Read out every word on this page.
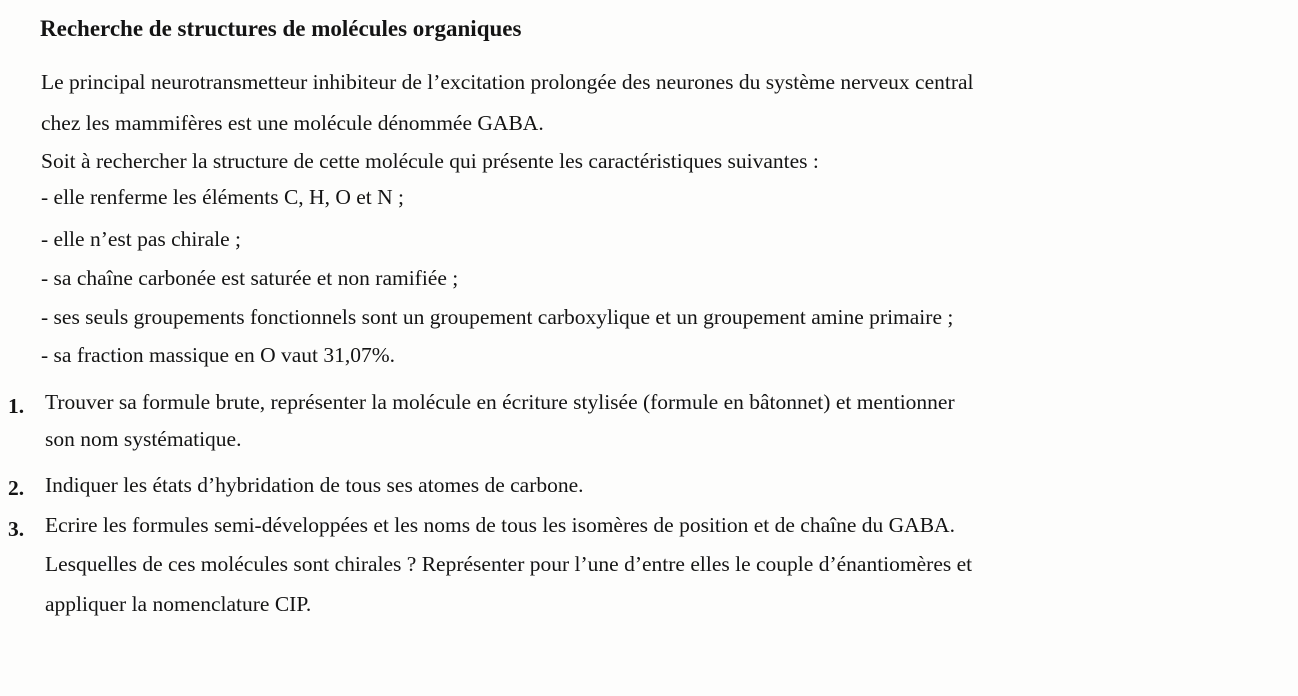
Recherche de structures de molécules organiques
Le principal neurotransmetteur inhibiteur de l’excitation prolongée des neurones du système nerveux central
chez les mammifères est une molécule dénommée GABA.
Soit à rechercher la structure de cette molécule qui présente les caractéristiques suivantes :
- elle renferme les éléments C, H, O et N ;
- elle n’est pas chirale ;
- sa chaîne carbonée est saturée et non ramifiée ;
- ses seuls groupements fonctionnels sont un groupement carboxylique et un groupement amine primaire ;
- sa fraction massique en O vaut 31,07%.
1. Trouver sa formule brute, représenter la molécule en écriture stylisée (formule en bâtonnet) et mentionner
son nom systématique.
2. Indiquer les états d’hybridation de tous ses atomes de carbone.
3. Ecrire les formules semi-développées et les noms de tous les isomères de position et de chaîne du GABA.
Lesquelles de ces molécules sont chirales ? Représenter pour l’une d’entre elles le couple d’énantiomères et
appliquer la nomenclature CIP.
